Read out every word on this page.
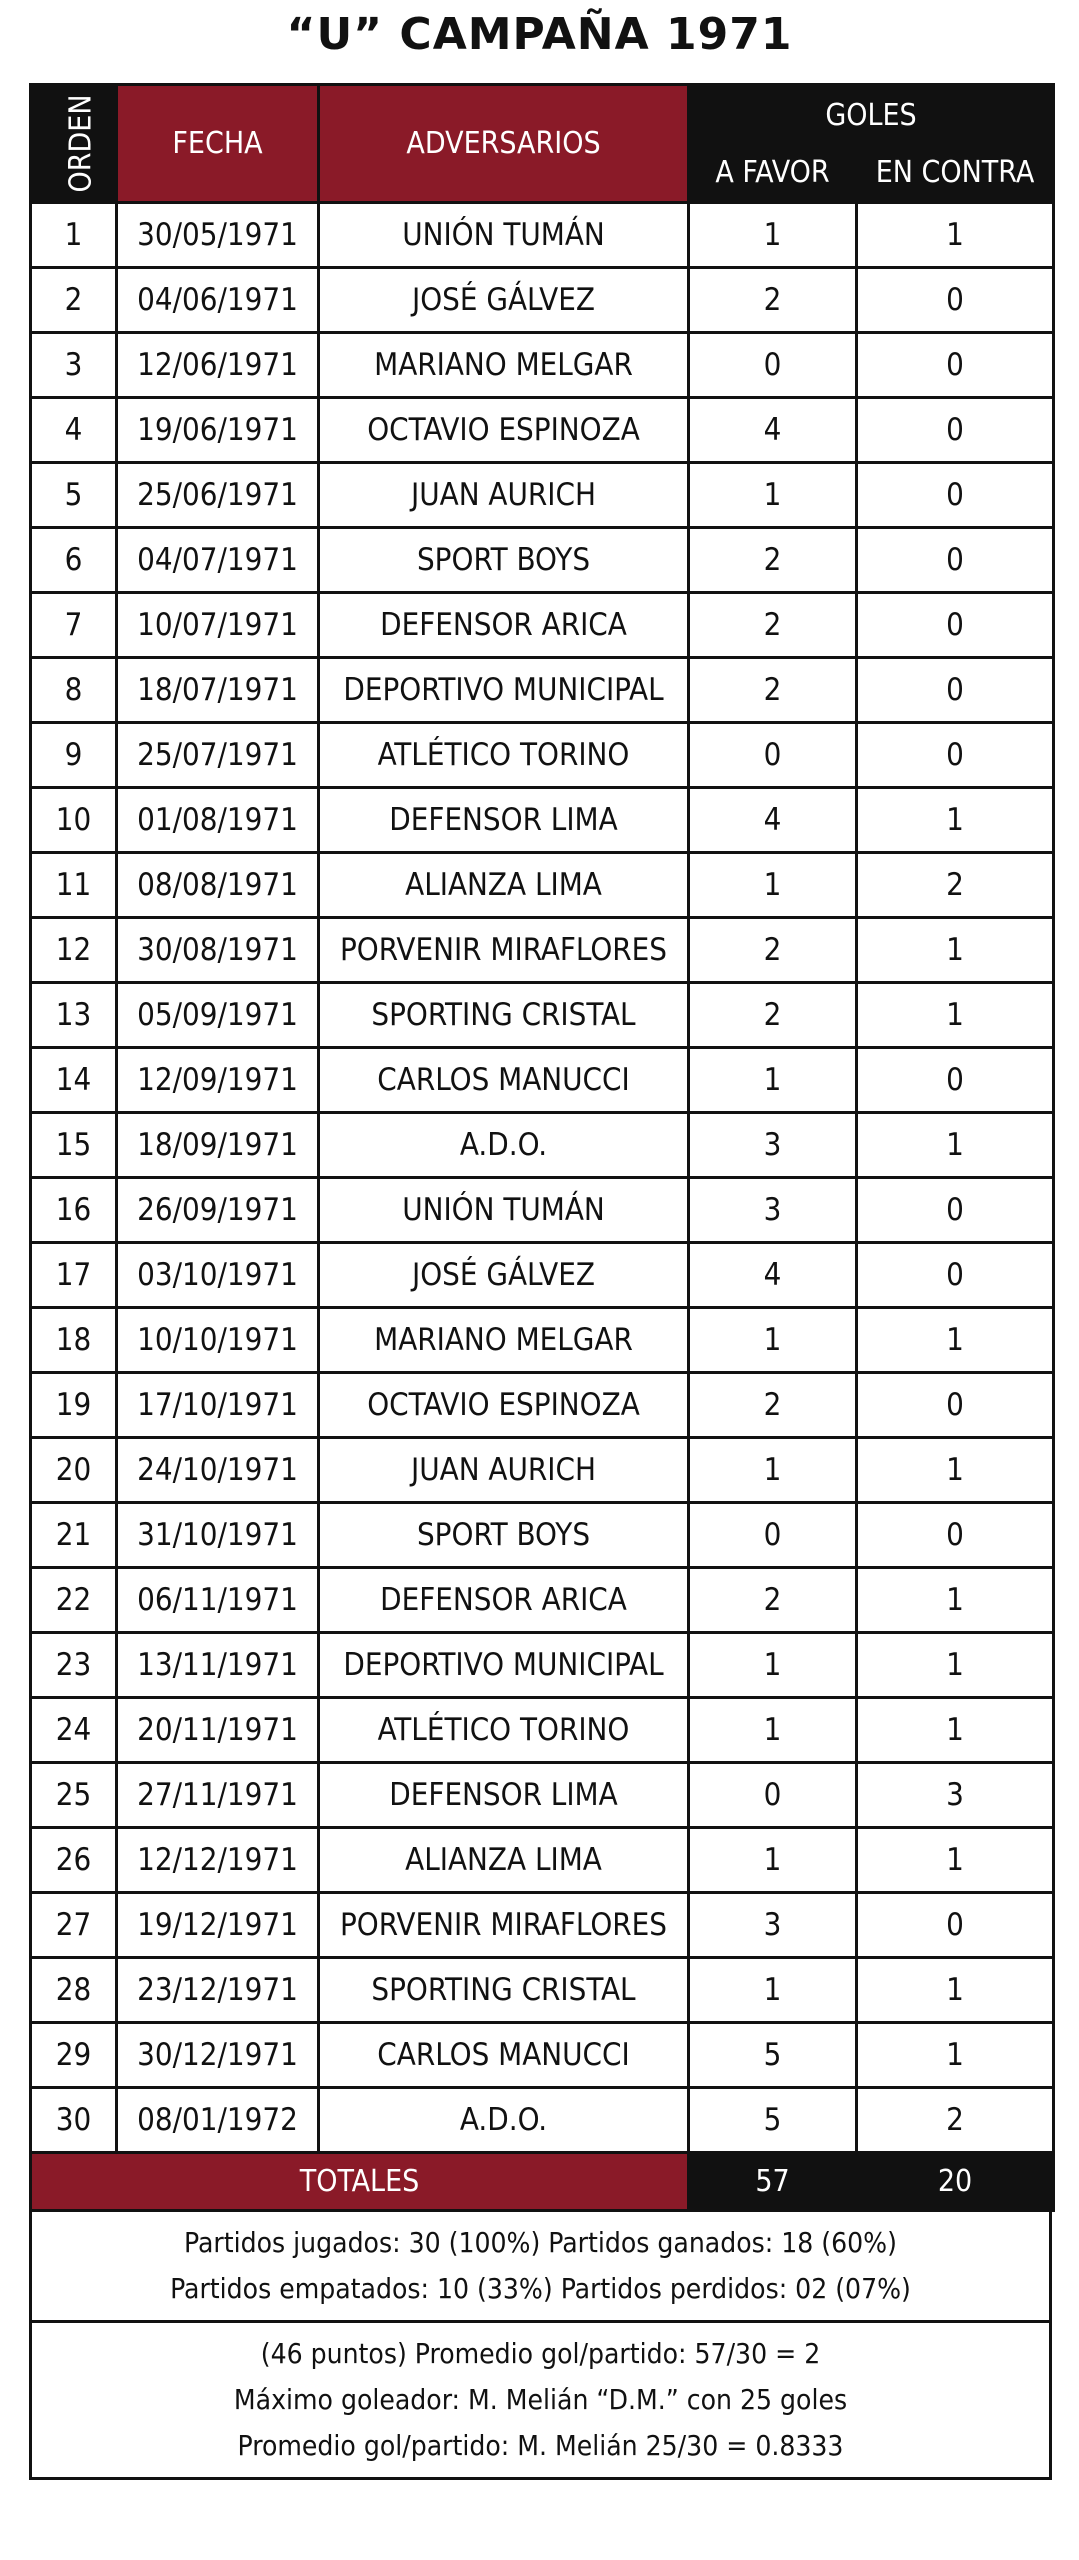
“U” CAMPAÑA 1971
ORDEN	FECHA	ADVERSARIOS	GOLES	
			A FAVOR	EN CONTRA
1	30/05/1971	UNIÓN TUMÁN	1	1
2	04/06/1971	JOSÉ GÁLVEZ	2	0
3	12/06/1971	MARIANO MELGAR	0	0
4	19/06/1971	OCTAVIO ESPINOZA	4	0
5	25/06/1971	JUAN AURICH	1	0
6	04/07/1971	SPORT BOYS	2	0
7	10/07/1971	DEFENSOR ARICA	2	0
8	18/07/1971	DEPORTIVO MUNICIPAL	2	0
9	25/07/1971	ATLÉTICO TORINO	0	0
10	01/08/1971	DEFENSOR LIMA	4	1
11	08/08/1971	ALIANZA LIMA	1	2
12	30/08/1971	PORVENIR MIRAFLORES	2	1
13	05/09/1971	SPORTING CRISTAL	2	1
14	12/09/1971	CARLOS MANUCCI	1	0
15	18/09/1971	A.D.O.	3	1
16	26/09/1971	UNIÓN TUMÁN	3	0
17	03/10/1971	JOSÉ GÁLVEZ	4	0
18	10/10/1971	MARIANO MELGAR	1	1
19	17/10/1971	OCTAVIO ESPINOZA	2	0
20	24/10/1971	JUAN AURICH	1	1
21	31/10/1971	SPORT BOYS	0	0
22	06/11/1971	DEFENSOR ARICA	2	1
23	13/11/1971	DEPORTIVO MUNICIPAL	1	1
24	20/11/1971	ATLÉTICO TORINO	1	1
25	27/11/1971	DEFENSOR LIMA	0	3
26	12/12/1971	ALIANZA LIMA	1	1
27	19/12/1971	PORVENIR MIRAFLORES	3	0
28	23/12/1971	SPORTING CRISTAL	1	1
29	30/12/1971	CARLOS MANUCCI	5	1
30	08/01/1972	A.D.O.	5	2
TOTALES			57	20
Partidos jugados: 30 (100%) Partidos ganados: 18 (60%)
Partidos empatados: 10 (33%) Partidos perdidos: 02 (07%)
(46 puntos) Promedio gol/partido: 57/30 = 2
Máximo goleador: M. Melián “D.M.” con 25 goles
Promedio gol/partido: M. Melián 25/30 = 0.8333
